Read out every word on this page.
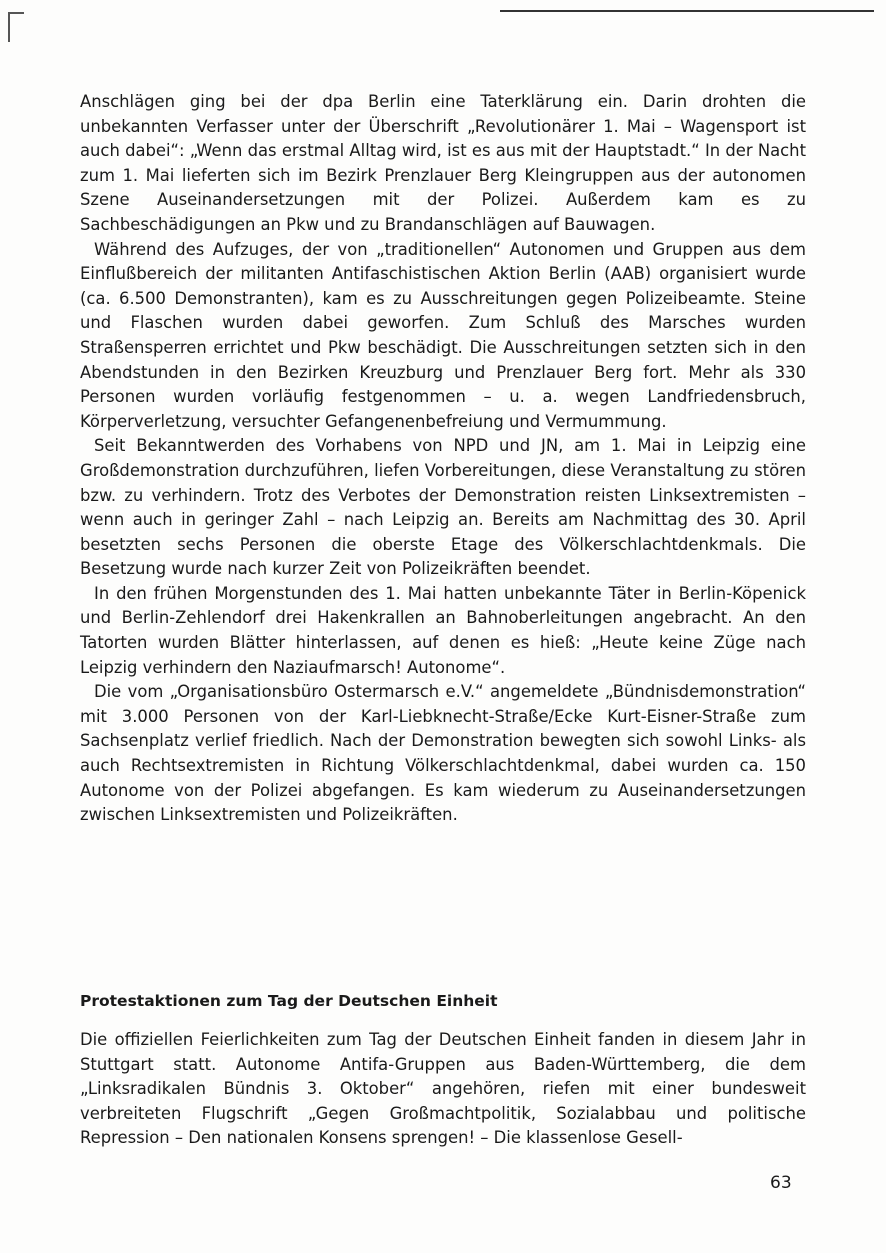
Anschlägen ging bei der dpa Berlin eine Taterklärung ein. Darin drohten die unbekannten Verfasser unter der Überschrift „Revolutionärer 1. Mai – Wagensport ist auch dabei“: „Wenn das erstmal Alltag wird, ist es aus mit der Hauptstadt.“ In der Nacht zum 1. Mai lieferten sich im Bezirk Prenzlauer Berg Kleingruppen aus der autonomen Szene Auseinandersetzungen mit der Polizei. Außerdem kam es zu Sachbeschädigungen an Pkw und zu Brandanschlägen auf Bauwagen.

Während des Aufzuges, der von „traditionellen“ Autonomen und Gruppen aus dem Einflußbereich der militanten Antifaschistischen Aktion Berlin (AAB) organisiert wurde (ca. 6.500 Demonstranten), kam es zu Ausschreitungen gegen Polizeibeamte. Steine und Flaschen wurden dabei geworfen. Zum Schluß des Marsches wurden Straßensperren errichtet und Pkw beschädigt. Die Ausschreitungen setzten sich in den Abendstunden in den Bezirken Kreuzburg und Prenzlauer Berg fort. Mehr als 330 Personen wurden vorläufig festgenommen – u. a. wegen Landfriedensbruch, Körperverletzung, versuchter Gefangenenbefreiung und Vermummung.

Seit Bekanntwerden des Vorhabens von NPD und JN, am 1. Mai in Leipzig eine Großdemonstration durchzuführen, liefen Vorbereitungen, diese Veranstaltung zu stören bzw. zu verhindern. Trotz des Verbotes der Demonstration reisten Linksextremisten – wenn auch in geringer Zahl – nach Leipzig an. Bereits am Nachmittag des 30. April besetzten sechs Personen die oberste Etage des Völkerschlachtdenkmals. Die Besetzung wurde nach kurzer Zeit von Polizeikräften beendet.

In den frühen Morgenstunden des 1. Mai hatten unbekannte Täter in Berlin-Köpenick und Berlin-Zehlendorf drei Hakenkrallen an Bahnoberleitungen angebracht. An den Tatorten wurden Blätter hinterlassen, auf denen es hieß: „Heute keine Züge nach Leipzig verhindern den Naziaufmarsch! Autonome“.

Die vom „Organisationsbüro Ostermarsch e.V.“ angemeldete „Bündnisdemonstration“ mit 3.000 Personen von der Karl-Liebknecht-Straße/Ecke Kurt-Eisner-Straße zum Sachsenplatz verlief friedlich. Nach der Demonstration bewegten sich sowohl Links- als auch Rechtsextremisten in Richtung Völkerschlachtdenkmal, dabei wurden ca. 150 Autonome von der Polizei abgefangen. Es kam wiederum zu Auseinandersetzungen zwischen Linksextremisten und Polizeikräften.

Protestaktionen zum Tag der Deutschen Einheit

Die offiziellen Feierlichkeiten zum Tag der Deutschen Einheit fanden in diesem Jahr in Stuttgart statt. Autonome Antifa-Gruppen aus Baden-Württemberg, die dem „Linksradikalen Bündnis 3. Oktober“ angehören, riefen mit einer bundesweit verbreiteten Flugschrift „Gegen Großmachtpolitik, Sozialabbau und politische Repression – Den nationalen Konsens sprengen! – Die klassenlose Gesell-

63
